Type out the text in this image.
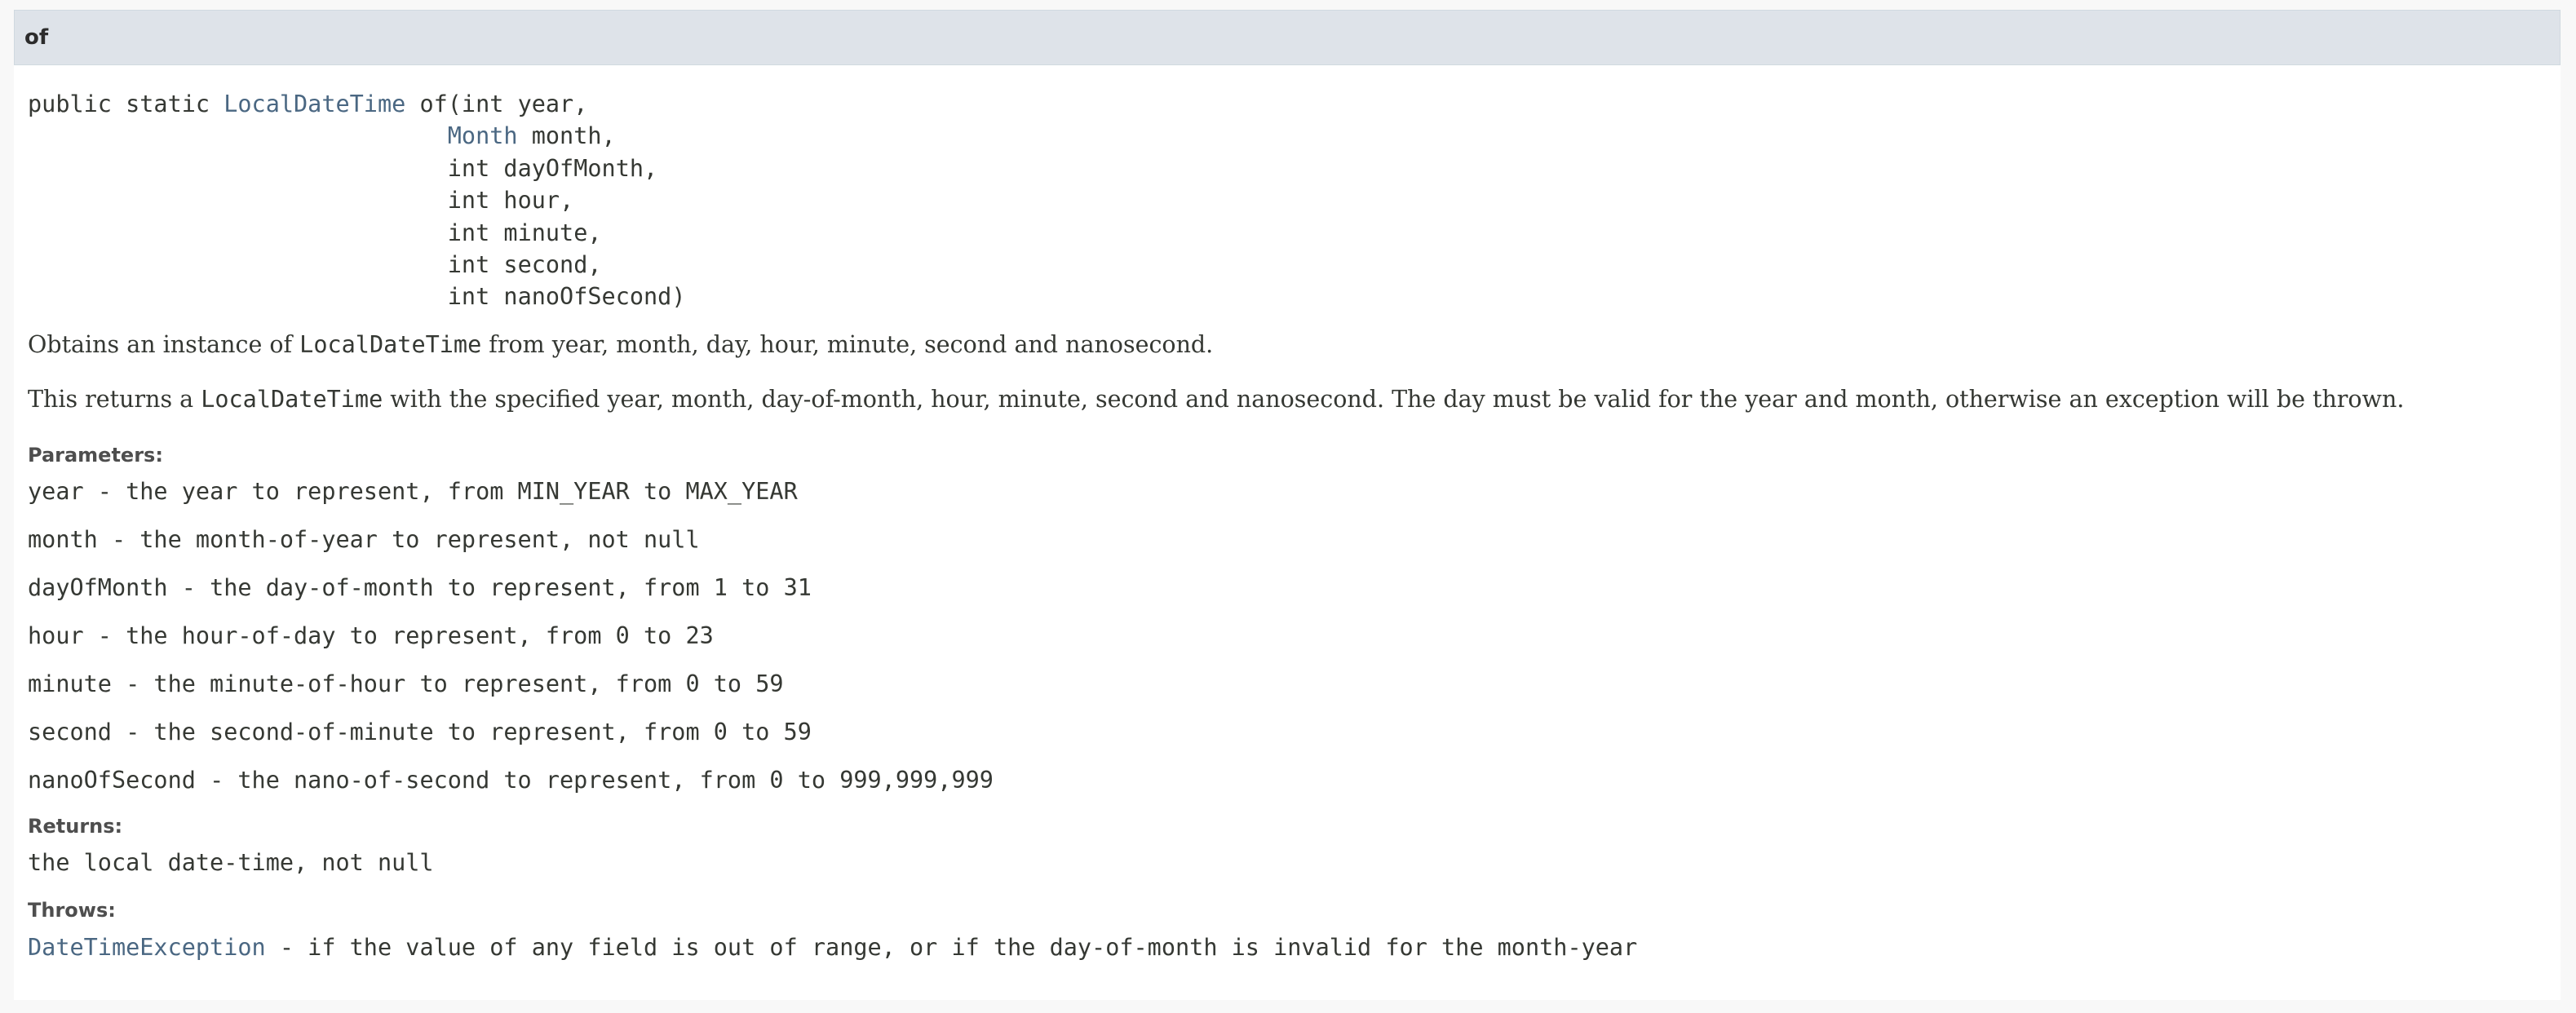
of
public static LocalDateTime of(int year,
Month month,
int dayOfMonth,
int hour,
int minute,
int second,
int nanoOfSecond)
Obtains an instance of LocalDateTime from year, month, day, hour, minute, second and nanosecond.
This returns a LocalDateTime with the specified year, month, day-of-month, hour, minute, second and nanosecond. The day must be valid for the year and month, otherwise an exception will be thrown.
Parameters:
year - the year to represent, from MIN_YEAR to MAX_YEAR
month - the month-of-year to represent, not null
dayOfMonth - the day-of-month to represent, from 1 to 31
hour - the hour-of-day to represent, from 0 to 23
minute - the minute-of-hour to represent, from 0 to 59
second - the second-of-minute to represent, from 0 to 59
nanoOfSecond - the nano-of-second to represent, from 0 to 999,999,999
Returns:
the local date-time, not null
Throws:
DateTimeException - if the value of any field is out of range, or if the day-of-month is invalid for the month-year
